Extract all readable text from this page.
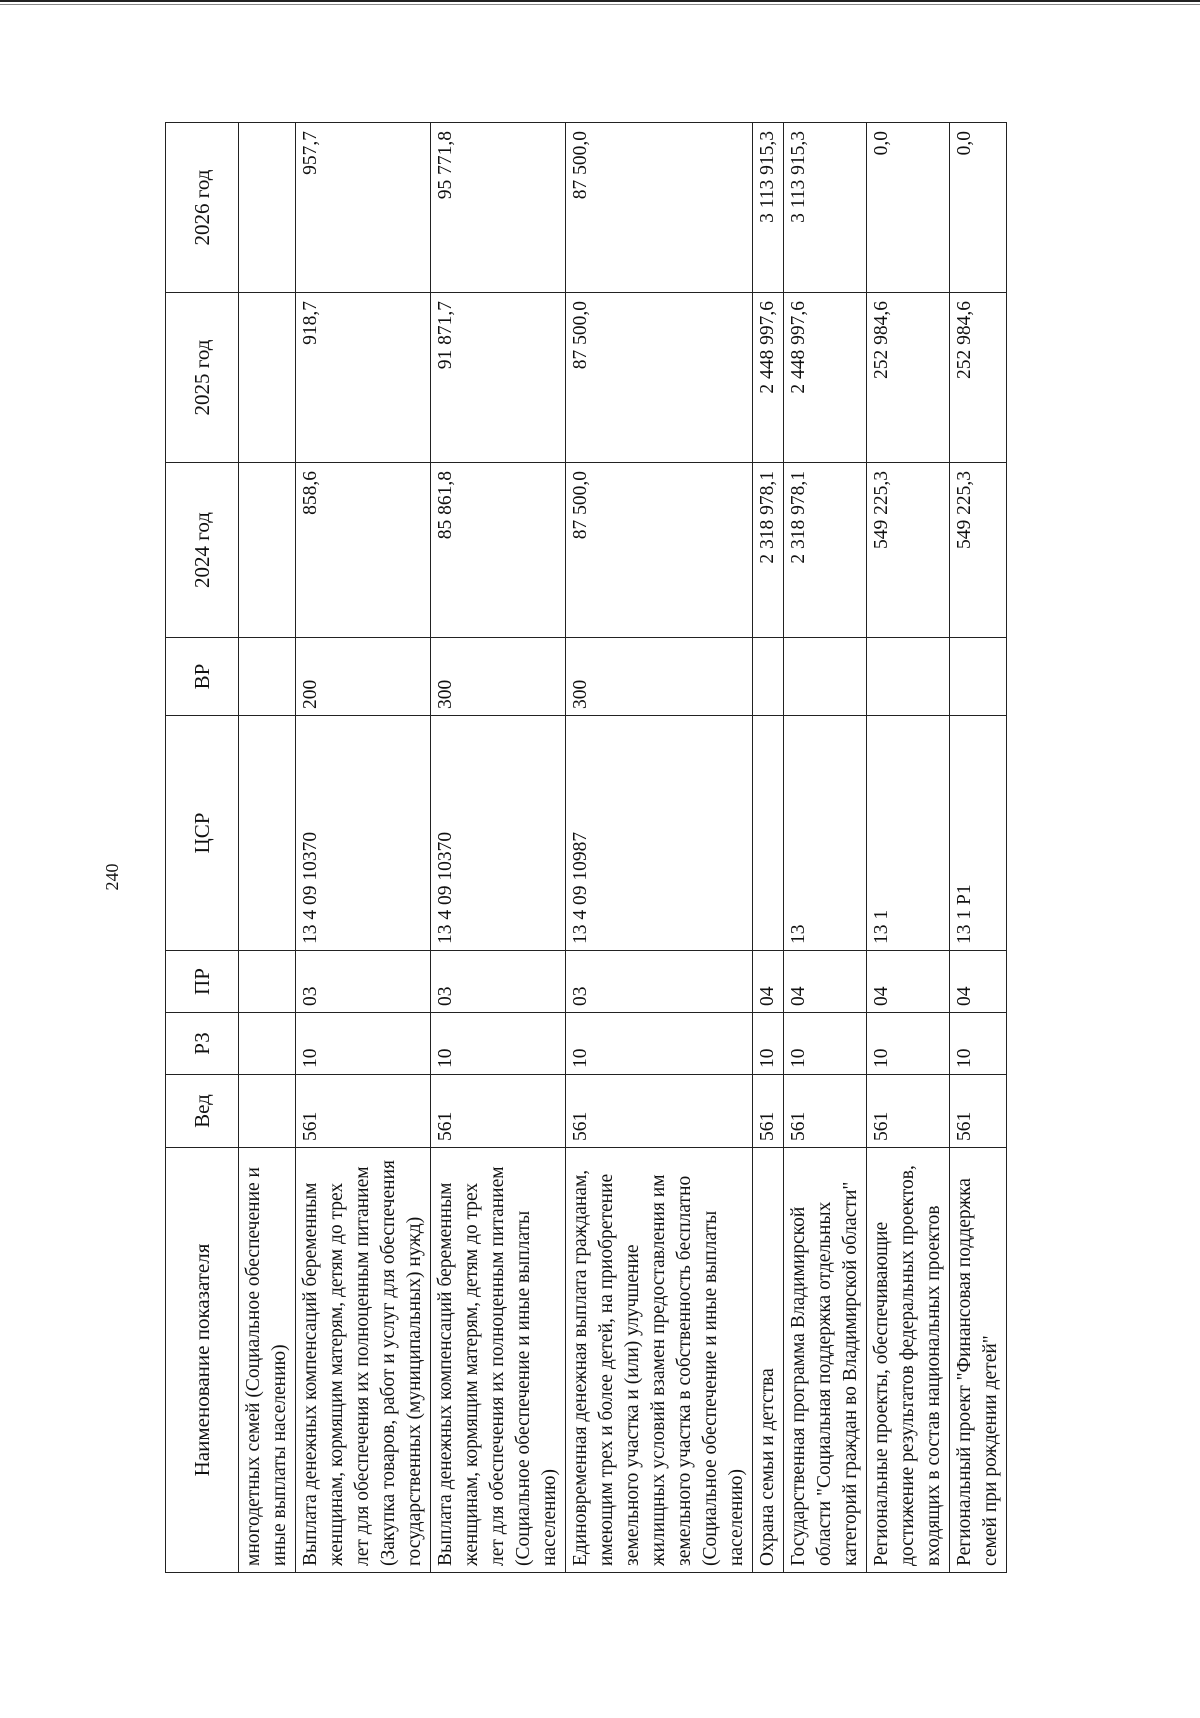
240
Наименование показателя	Вед	РЗ	ПР	ЦСР	ВР	2024 год	2025 год	2026 год
многодетных семей (Социальное обеспечение и иные выплаты населению)								
Выплата денежных компенсаций беременным женщинам, кормящим матерям, детям до трех лет для обеспечения их полноценным питанием (Закупка товаров, работ и услуг для обеспечения государственных (муниципальных) нужд)	561	10	03	13 4 09 10370	200	858,6	918,7	957,7
Выплата денежных компенсаций беременным женщинам, кормящим матерям, детям до трех лет для обеспечения их полноценным питанием (Социальное обеспечение и иные выплаты населению)	561	10	03	13 4 09 10370	300	85 861,8	91 871,7	95 771,8
Единовременная денежная выплата гражданам, имеющим трех и более детей, на приобретение земельного участка и (или) улучшение жилищных условий взамен предоставления им земельного участка в собственность бесплатно (Социальное обеспечение и иные выплаты населению)	561	10	03	13 4 09 10987	300	87 500,0	87 500,0	87 500,0
Охрана семьи и детства	561	10	04			2 318 978,1	2 448 997,6	3 113 915,3
Государственная программа Владимирской области "Социальная поддержка отдельных категорий граждан во Владимирской области"	561	10	04	13		2 318 978,1	2 448 997,6	3 113 915,3
Региональные проекты, обеспечивающие достижение результатов федеральных проектов, входящих в состав национальных проектов	561	10	04	13 1		549 225,3	252 984,6	0,0
Региональный проект "Финансовая поддержка семей при рождении детей"	561	10	04	13 1 Р1		549 225,3	252 984,6	0,0
